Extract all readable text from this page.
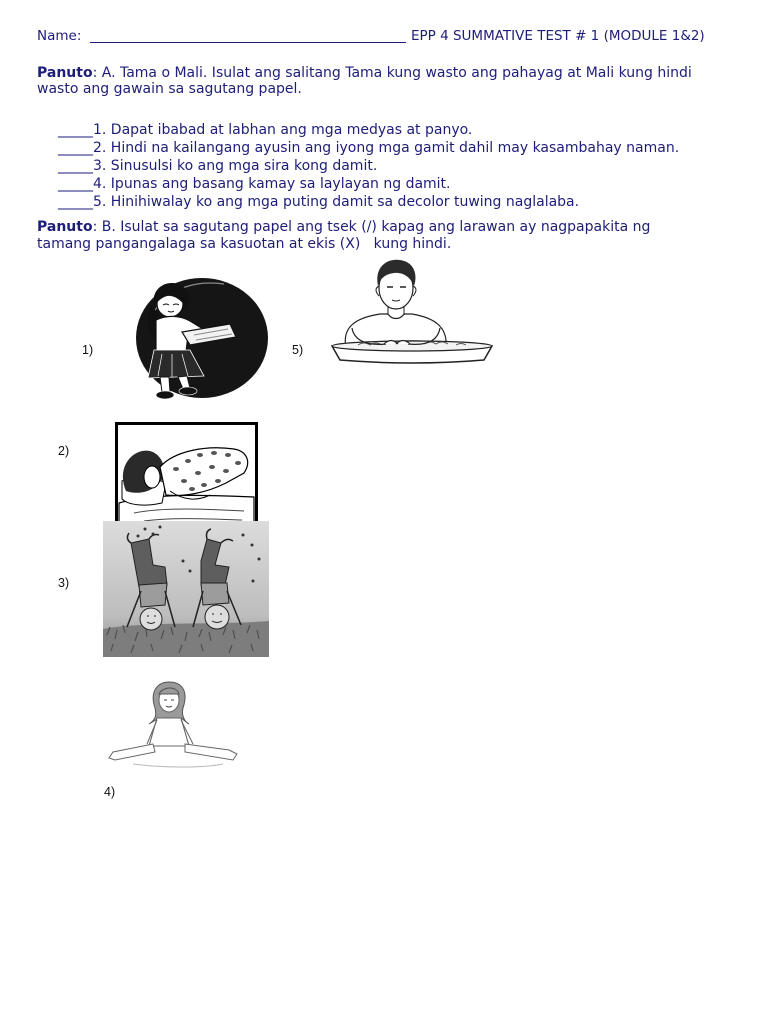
Name:	EPP 4 SUMMATIVE TEST # 1 (MODULE 1&2)
Panuto: A. Tama o Mali. Isulat ang salitang Tama kung wasto ang pahayag at Mali kung hindi
wasto ang gawain sa sagutang papel.
_____1. Dapat ibabad at labhan ang mga medyas at panyo.
_____2. Hindi na kailangang ayusin ang iyong mga gamit dahil may kasambahay naman.
_____3. Sinusulsi ko ang mga sira kong damit.
_____4. Ipunas ang basang kamay sa laylayan ng damit.
_____5. Hinihiwalay ko ang mga puting damit sa decolor tuwing naglalaba.
Panuto: B. Isulat sa sagutang papel ang tsek (/) kapag ang larawan ay nagpapakita ng
tamang pangangalaga sa kasuotan at ekis (X)   kung hindi.
1)	5)
2)
3)
4)
